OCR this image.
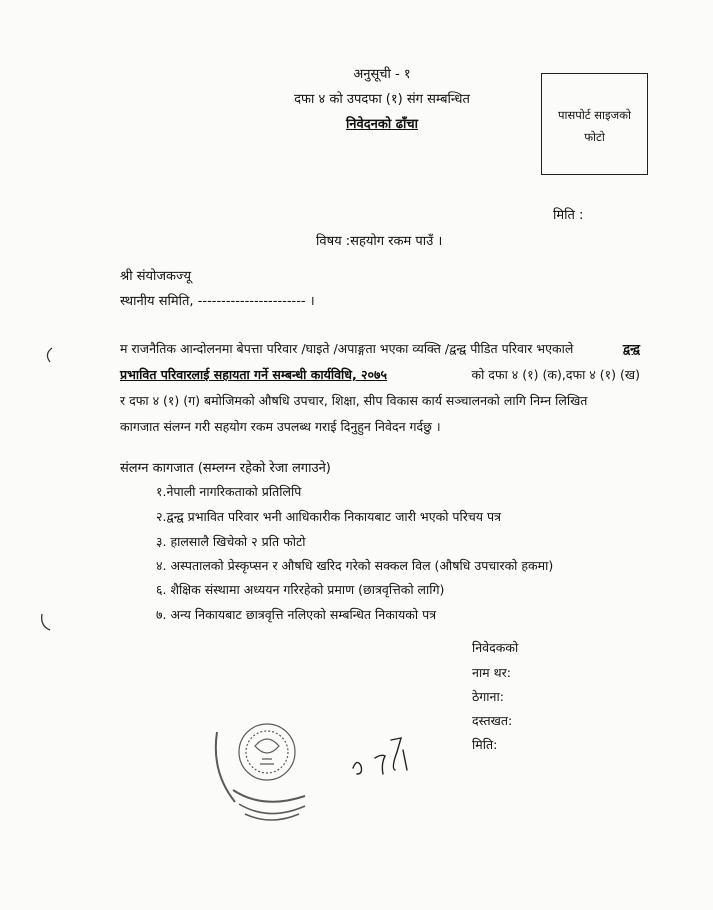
अनुसूची - १
दफा ४ को उपदफा (१) संग सम्बन्धित
निवेदनको ढाँचा
पासपोर्ट साइजको
फोटो
मिति :
विषय :सहयोग रकम पाउँ ।
श्री संयोजकज्यू
स्थानीय समिति, ----------------------- ।
म राजनैतिक आन्दोलनमा बेपत्ता परिवार /घाइते /अपाङ्गता भएका व्यक्ति /द्वन्द्व पीडित परिवार भएकाले	द्वन्द्व
प्रभावित परिवारलाई सहायता गर्ने सम्बन्धी कार्यविधि, २०७५	को दफा ४ (१) (क),दफा ४ (१) (ख)
र दफा ४ (१) (ग) बमोजिमको औषधि उपचार, शिक्षा, सीप विकास कार्य सञ्चालनको लागि निम्न लिखित
कागजात संलग्न गरी सहयोग रकम उपलब्ध गराई दिनुहुन निवेदन गर्दछु ।
संलग्न कागजात (सम्लग्न रहेको रेजा लगाउने)
१.नेपाली नागरिकताको प्रतिलिपि
२.द्वन्द्व प्रभावित परिवार भनी आधिकारीक निकायबाट जारी भएको परिचय पत्र
३. हालसालै खिचेको २ प्रति फोटो
४. अस्पतालको प्रेस्कृप्सन र औषधि खरिद गरेको सक्कल विल (औषधि उपचारको हकमा)
६. शैक्षिक संस्थामा अध्ययन गरिरहेको प्रमाण (छात्रवृत्तिको लागि)
७. अन्य निकायबाट छात्रवृत्ति नलिएको सम्बन्धित निकायको पत्र
निवेदकको
नाम थर:
ठेगाना:
दस्तखत:
मिति:
